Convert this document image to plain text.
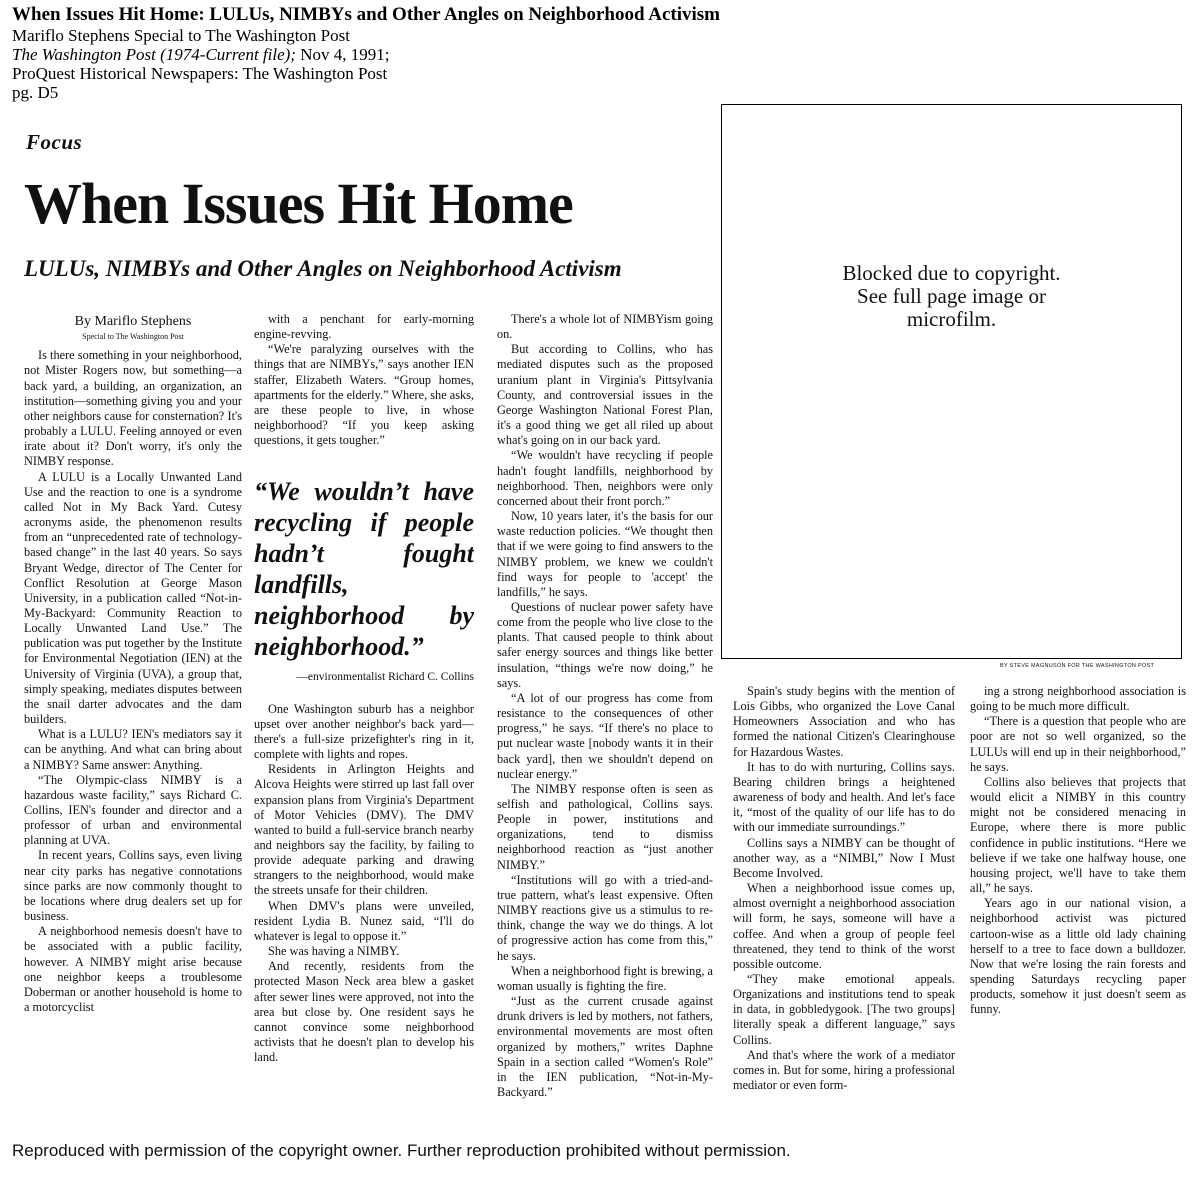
When Issues Hit Home: LULUs, NIMBYs and Other Angles on Neighborhood Activism
Mariflo Stephens Special to The Washington Post
The Washington Post (1974-Current file); Nov 4, 1991;
ProQuest Historical Newspapers: The Washington Post
pg. D5
Focus
When Issues Hit Home
LULUs, NIMBYs and Other Angles on Neighborhood Activism
By Mariflo Stephens
Special to The Washington Post

Is there something in your neighborhood, not Mister Rogers now, but something—a back yard, a building, an organization, an institution—something giving you and your other neighbors cause for consternation? It's probably a LULU. Feeling annoyed or even irate about it? Don't worry, it's only the NIMBY response.

A LULU is a Locally Unwanted Land Use and the reaction to one is a syndrome called Not in My Back Yard. Cutesy acronyms aside, the phenomenon results from an “unprecedented rate of technology-based change” in the last 40 years. So says Bryant Wedge, director of The Center for Conflict Resolution at George Mason University, in a publication called “Not-in-My-Backyard: Community Reaction to Locally Unwanted Land Use.” The publication was put together by the Institute for Environmental Negotiation (IEN) at the University of Virginia (UVA), a group that, simply speaking, mediates disputes between the snail darter advocates and the dam builders.

What is a LULU? IEN's mediators say it can be anything. And what can bring about a NIMBY? Same answer: Anything.

“The Olympic-class NIMBY is a hazardous waste facility,” says Richard C. Collins, IEN's founder and director and a professor of urban and environmental planning at UVA.

In recent years, Collins says, even living near city parks has negative connotations since parks are now commonly thought to be locations where drug dealers set up for business.

A neighborhood nemesis doesn't have to be associated with a public facility, however. A NIMBY might arise because one neighbor keeps a troublesome Doberman or another household is home to a motorcyclist

with a penchant for early-morning engine-revving.

“We're paralyzing ourselves with the things that are NIMBYs,” says another IEN staffer, Elizabeth Waters. “Group homes, apartments for the elderly.” Where, she asks, are these people to live, in whose neighborhood? “If you keep asking questions, it gets tougher.”

“We wouldn’t have recycling if people hadn’t fought landfills, neighborhood by neighborhood.”
—environmentalist Richard C. Collins

One Washington suburb has a neighbor upset over another neighbor's back yard—there's a full-size prizefighter's ring in it, complete with lights and ropes.

Residents in Arlington Heights and Alcova Heights were stirred up last fall over expansion plans from Virginia's Department of Motor Vehicles (DMV). The DMV wanted to build a full-service branch nearby and neighbors say the facility, by failing to provide adequate parking and drawing strangers to the neighborhood, would make the streets unsafe for their children.

When DMV's plans were unveiled, resident Lydia B. Nunez said, “I'll do whatever is legal to oppose it.”

She was having a NIMBY.

And recently, residents from the protected Mason Neck area blew a gasket after sewer lines were approved, not into the area but close by. One resident says he cannot convince some neighborhood activists that he doesn't plan to develop his land.

There's a whole lot of NIMBYism going on.

But according to Collins, who has mediated disputes such as the proposed uranium plant in Virginia's Pittsylvania County, and controversial issues in the George Washington National Forest Plan, it's a good thing we get all riled up about what's going on in our back yard.

“We wouldn't have recycling if people hadn't fought landfills, neighborhood by neighborhood. Then, neighbors were only concerned about their front porch.”

Now, 10 years later, it's the basis for our waste reduction policies. “We thought then that if we were going to find answers to the NIMBY problem, we knew we couldn't find ways for people to 'accept' the landfills,” he says.

Questions of nuclear power safety have come from the people who live close to the plants. That caused people to think about safer energy sources and things like better insulation, “things we're now doing,” he says.

“A lot of our progress has come from resistance to the consequences of other progress,” he says. “If there's no place to put nuclear waste [nobody wants it in their back yard], then we shouldn't depend on nuclear energy.”

The NIMBY response often is seen as selfish and pathological, Collins says. People in power, institutions and organizations, tend to dismiss neighborhood reaction as “just another NIMBY.”

“Institutions will go with a tried-and-true pattern, what's least expensive. Often NIMBY reactions give us a stimulus to re-think, change the way we do things. A lot of progressive action has come from this,” he says.

When a neighborhood fight is brewing, a woman usually is fighting the fire.

“Just as the current crusade against drunk drivers is led by mothers, not fathers, environmental movements are most often organized by mothers,” writes Daphne Spain in a section called “Women's Role” in the IEN publication, “Not-in-My-Backyard.”

Blocked due to copyright.
See full page image or
microfilm.
BY STEVE MAGNUSON FOR THE WASHINGTON POST

Spain's study begins with the mention of Lois Gibbs, who organized the Love Canal Homeowners Association and who has formed the national Citizen's Clearinghouse for Hazardous Wastes.

It has to do with nurturing, Collins says. Bearing children brings a heightened awareness of body and health. And let's face it, “most of the quality of our life has to do with our immediate surroundings.”

Collins says a NIMBY can be thought of another way, as a “NIMBI,” Now I Must Become Involved.

When a neighborhood issue comes up, almost overnight a neighborhood association will form, he says, someone will have a coffee. And when a group of people feel threatened, they tend to think of the worst possible outcome.

“They make emotional appeals. Organizations and institutions tend to speak in data, in gobbledygook. [The two groups] literally speak a different language,” says Collins.

And that's where the work of a mediator comes in. But for some, hiring a professional mediator or even form-

ing a strong neighborhood association is going to be much more difficult.

“There is a question that people who are poor are not so well organized, so the LULUs will end up in their neighborhood,” he says.

Collins also believes that projects that would elicit a NIMBY in this country might not be considered menacing in Europe, where there is more public confidence in public institutions. “Here we believe if we take one halfway house, one housing project, we'll have to take them all,” he says.

Years ago in our national vision, a neighborhood activist was pictured cartoon-wise as a little old lady chaining herself to a tree to face down a bulldozer. Now that we're losing the rain forests and spending Saturdays recycling paper products, somehow it just doesn't seem as funny.

Reproduced with permission of the copyright owner. Further reproduction prohibited without permission.
